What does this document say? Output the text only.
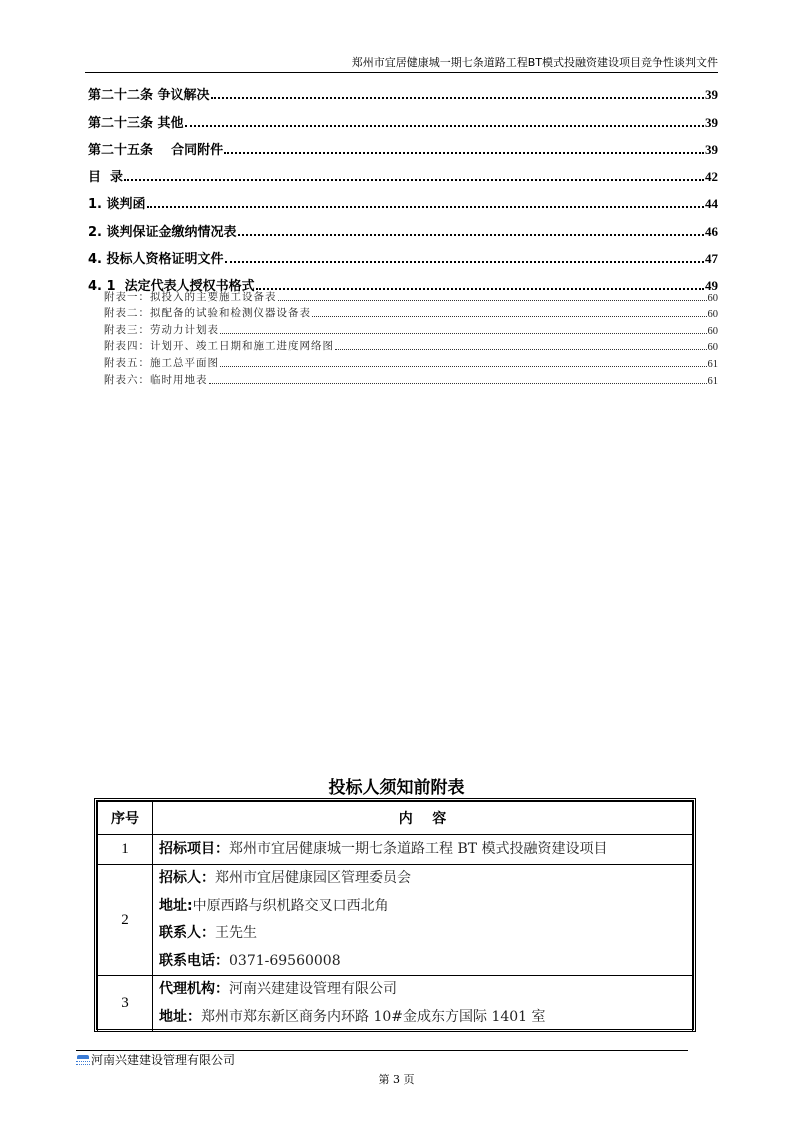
郑州市宜居健康城一期七条道路工程BT模式投融资建设项目竞争性谈判文件
第二十二条 争议解决	39
第二十三条 其他	39
第二十五条    合同附件	39
目  录	42
1. 谈判函	44
2. 谈判保证金缴纳情况表	46
4. 投标人资格证明文件	47
4. 1  法定代表人授权书格式	49
附表一：拟投入的主要施工设备表	60
附表二：拟配备的试验和检测仪器设备表	60
附表三：劳动力计划表	60
附表四：计划开、竣工日期和施工进度网络图	60
附表五：施工总平面图	61
附表六：临时用地表	61
投标人须知前附表
序号	内    容
1	招标项目：郑州市宜居健康城一期七条道路工程 BT 模式投融资建设项目

2	招标人：郑州市宜居健康园区管理委员会
地址:中原西路与织机路交叉口西北角
联系人：王先生
联系电话：0371-69560008

3	代理机构：河南兴建建设管理有限公司
地址：郑州市郑东新区商务内环路 10#金成东方国际 1401 室
河南兴建建设管理有限公司
第 3 页
